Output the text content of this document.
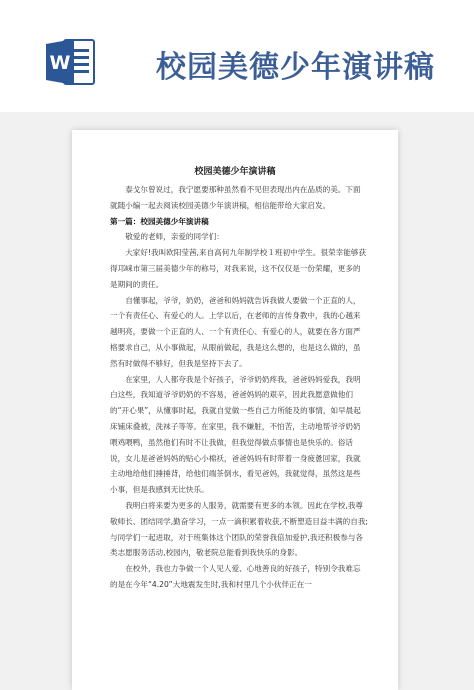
W	校园美德少年演讲稿
校园美德少年演讲稿

泰戈尔曾说过，我宁愿要那种虽然看不见但表现出内在品质的美。下面就随小编一起去阅读校园美德少年演讲稿，相信能带给大家启发。

第一篇：校园美德少年演讲稿

敬爱的老师，亲爱的同学们：

大家好!我叫欧阳莹茜,来自高何九年制学校１班初中学生。很荣幸能够获得邛崃市第三届美德少年的称号，对我来说，这不仅仅是一份荣耀，更多的是期间的责任。

自懂事起，爷爷，奶奶，爸爸和妈妈就告诉我做人要做一个正直的人，一个有责任心、有爱心的人。上学以后，在老师的言传身教中，我的心越来越明亮，要做一个正直的人、一个有责任心、有爱心的人，就要在各方面严格要求自己，从小事做起，从眼前做起，我是这么想的，也是这么做的，虽然有时做得不够好，但我是坚持下去了。

在家里，人人都夸我是个好孩子，爷爷奶奶疼我，爸爸妈妈爱我，我明白这些，我知道爷爷奶奶的不容易，爸爸妈妈的艰辛，因此我愿意做他们的“开心果”，从懂事时起，我就自觉做一些自己力所能及的事情，如早晨起床铺床叠被，洗袜子等等。在家里，我不嫌脏，不怕苦，主动地帮爷爷奶奶喂鸡喂鸭，虽然他们有时不让我做，但我觉得做点事情也是快乐的。俗话说，女儿是爸爸妈妈的贴心小棉袄，爸爸妈妈有时带着一身疲惫回家，我就主动地给他们捶捶背，给他们端茶倒水，看见爸妈，我就觉得，虽然这是些小事，但是我感到无比快乐。

我明白将来要为更多的人服务，就需要有更多的本领。因此在学校,我尊敬师长、团结同学,勤奋学习，一点一滴积累着收获,不断塑造目益丰满的自我;与同学们一起进取，对于班集体这个团队的荣誉我倍加爱护,我还积极参与各类志愿服务活动,校园内，敬老院总能看到我快乐的身影。

在校外，我也力争做一个人见人爱、心地善良的好孩子，特别令我难忘的是在今年“4.20”大地震发生时,我和村里几个小伙伴正在一
